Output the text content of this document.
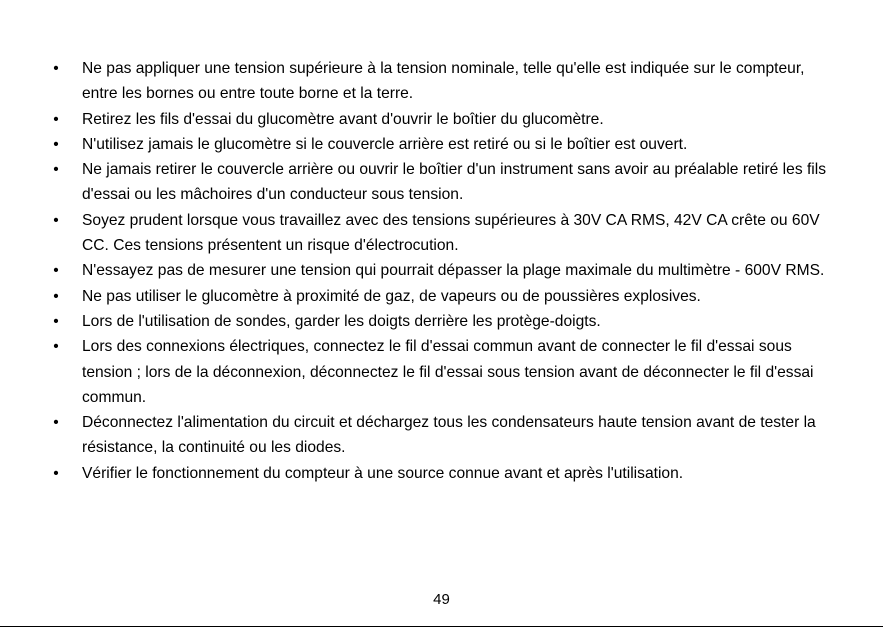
•	Ne pas appliquer une tension supérieure à la tension nominale, telle qu'elle est indiquée sur le compteur, entre les bornes ou entre toute borne et la terre.
•	Retirez les fils d'essai du glucomètre avant d'ouvrir le boîtier du glucomètre.
•	N'utilisez jamais le glucomètre si le couvercle arrière est retiré ou si le boîtier est ouvert.
•	Ne jamais retirer le couvercle arrière ou ouvrir le boîtier d'un instrument sans avoir au préalable retiré les fils d'essai ou les mâchoires d'un conducteur sous tension.
•	Soyez prudent lorsque vous travaillez avec des tensions supérieures à 30V CA RMS, 42V CA crête ou 60V CC. Ces tensions présentent un risque d'électrocution.
•	N'essayez pas de mesurer une tension qui pourrait dépasser la plage maximale du multimètre - 600V RMS.
•	Ne pas utiliser le glucomètre à proximité de gaz, de vapeurs ou de poussières explosives.
•	Lors de l'utilisation de sondes, garder les doigts derrière les protège-doigts.
•	Lors des connexions électriques, connectez le fil d'essai commun avant de connecter le fil d'essai sous tension ; lors de la déconnexion, déconnectez le fil d'essai sous tension avant de déconnecter le fil d'essai commun.
•	Déconnectez l'alimentation du circuit et déchargez tous les condensateurs haute tension avant de tester la résistance, la continuité ou les diodes.
•	Vérifier le fonctionnement du compteur à une source connue avant et après l'utilisation.
49
